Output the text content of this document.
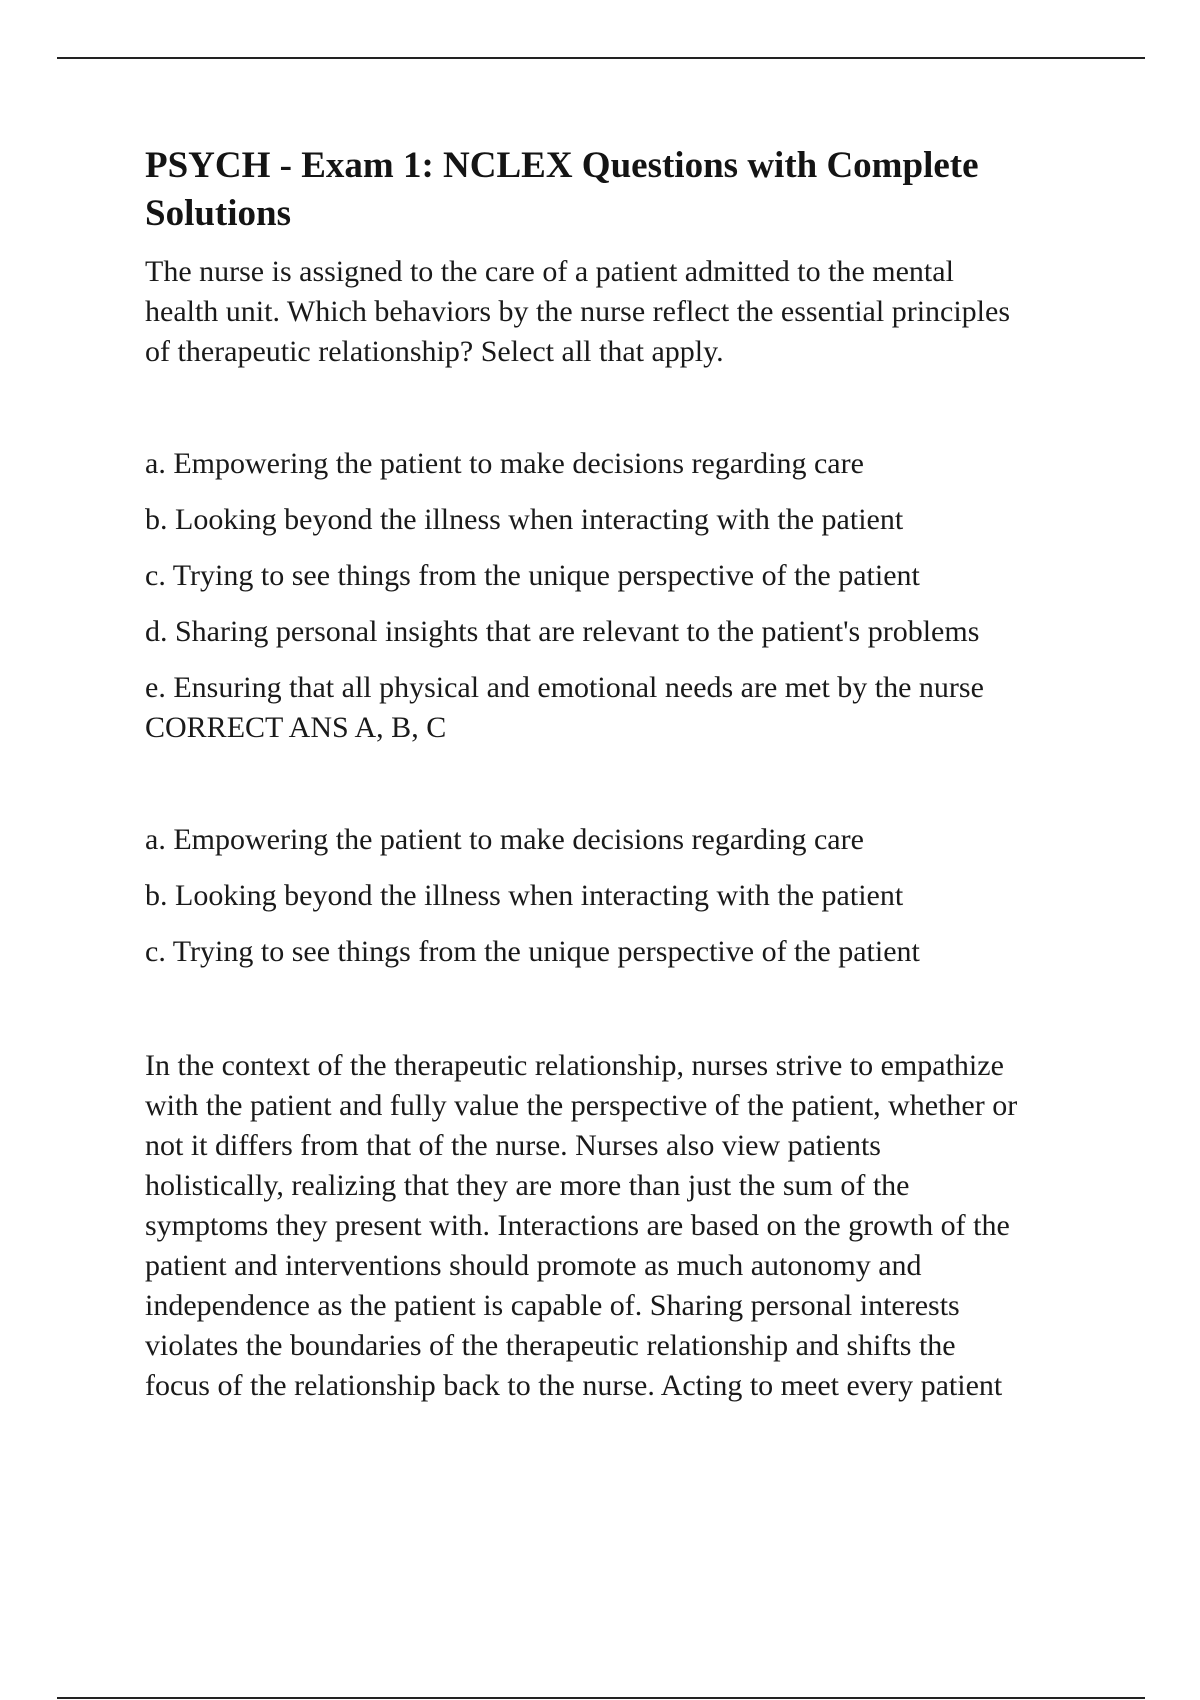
PSYCH - Exam 1: NCLEX Questions with Complete
Solutions

The nurse is assigned to the care of a patient admitted to the mental
health unit. Which behaviors by the nurse reflect the essential principles
of therapeutic relationship? Select all that apply.

a. Empowering the patient to make decisions regarding care
b. Looking beyond the illness when interacting with the patient
c. Trying to see things from the unique perspective of the patient
d. Sharing personal insights that are relevant to the patient's problems
e. Ensuring that all physical and emotional needs are met by the nurse

CORRECT ANS A, B, C

a. Empowering the patient to make decisions regarding care
b. Looking beyond the illness when interacting with the patient
c. Trying to see things from the unique perspective of the patient
In the context of the therapeutic relationship, nurses strive to empathize
with the patient and fully value the perspective of the patient, whether or
not it differs from that of the nurse. Nurses also view patients
holistically, realizing that they are more than just the sum of the
symptoms they present with. Interactions are based on the growth of the
patient and interventions should promote as much autonomy and
independence as the patient is capable of. Sharing personal interests
violates the boundaries of the therapeutic relationship and shifts the
focus of the relationship back to the nurse. Acting to meet every patient
